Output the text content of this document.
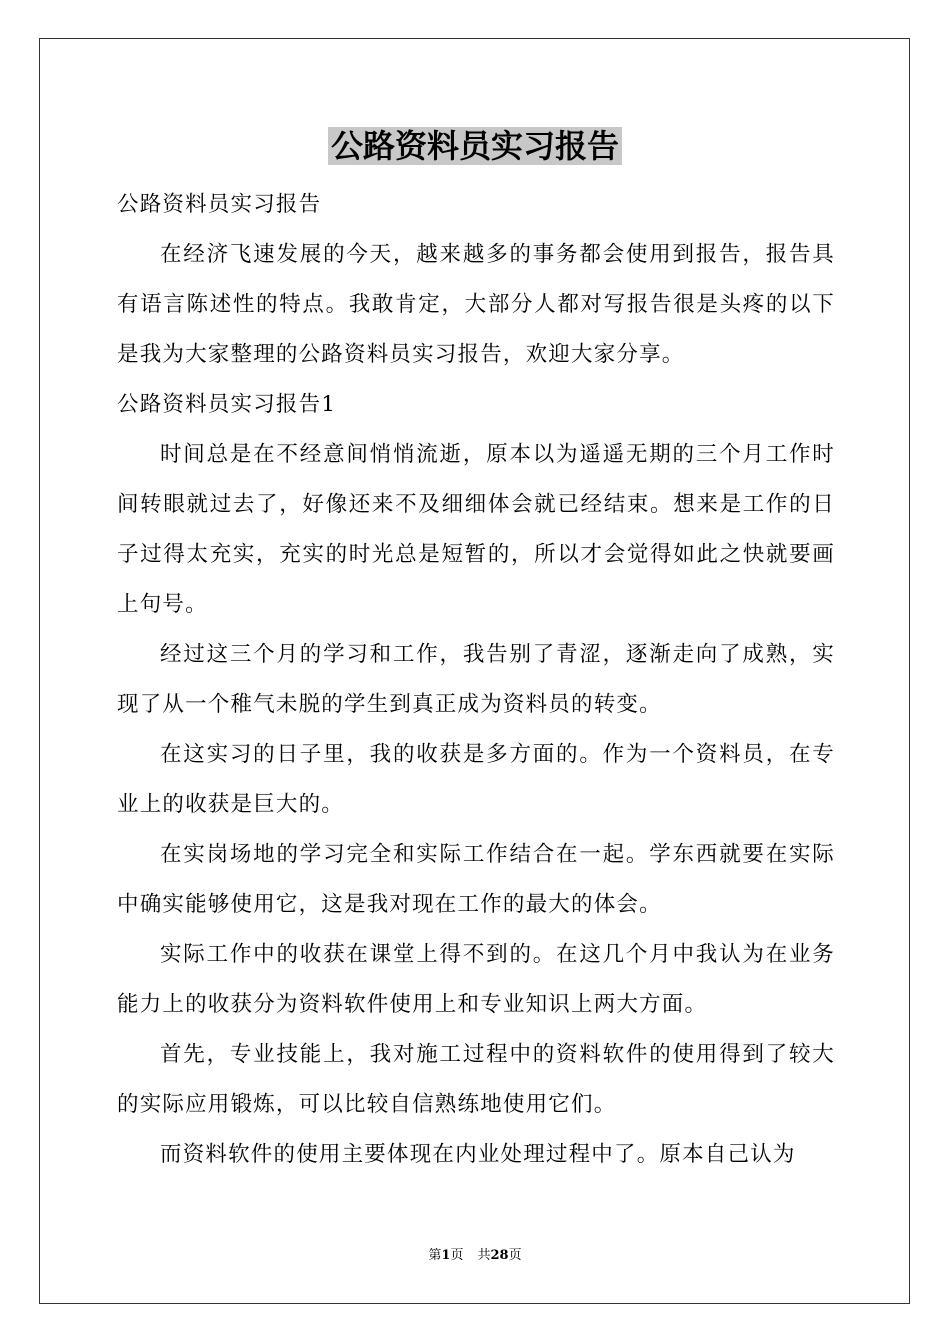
公路资料员实习报告

公路资料员实习报告

在经济飞速发展的今天，越来越多的事务都会使用到报告，报告具有语言陈述性的特点。我敢肯定，大部分人都对写报告很是头疼的以下是我为大家整理的公路资料员实习报告，欢迎大家分享。

公路资料员实习报告1

时间总是在不经意间悄悄流逝，原本以为遥遥无期的三个月工作时间转眼就过去了，好像还来不及细细体会就已经结束。想来是工作的日子过得太充实，充实的时光总是短暂的，所以才会觉得如此之快就要画上句号。

经过这三个月的学习和工作，我告别了青涩，逐渐走向了成熟，实现了从一个稚气未脱的学生到真正成为资料员的转变。

在这实习的日子里，我的收获是多方面的。作为一个资料员，在专业上的收获是巨大的。

在实岗场地的学习完全和实际工作结合在一起。学东西就要在实际中确实能够使用它，这是我对现在工作的最大的体会。

实际工作中的收获在课堂上得不到的。在这几个月中我认为在业务能力上的收获分为资料软件使用上和专业知识上两大方面。

首先，专业技能上，我对施工过程中的资料软件的使用得到了较大的实际应用锻炼，可以比较自信熟练地使用它们。

而资料软件的使用主要体现在内业处理过程中了。原本自己认为

第1页 共28页
